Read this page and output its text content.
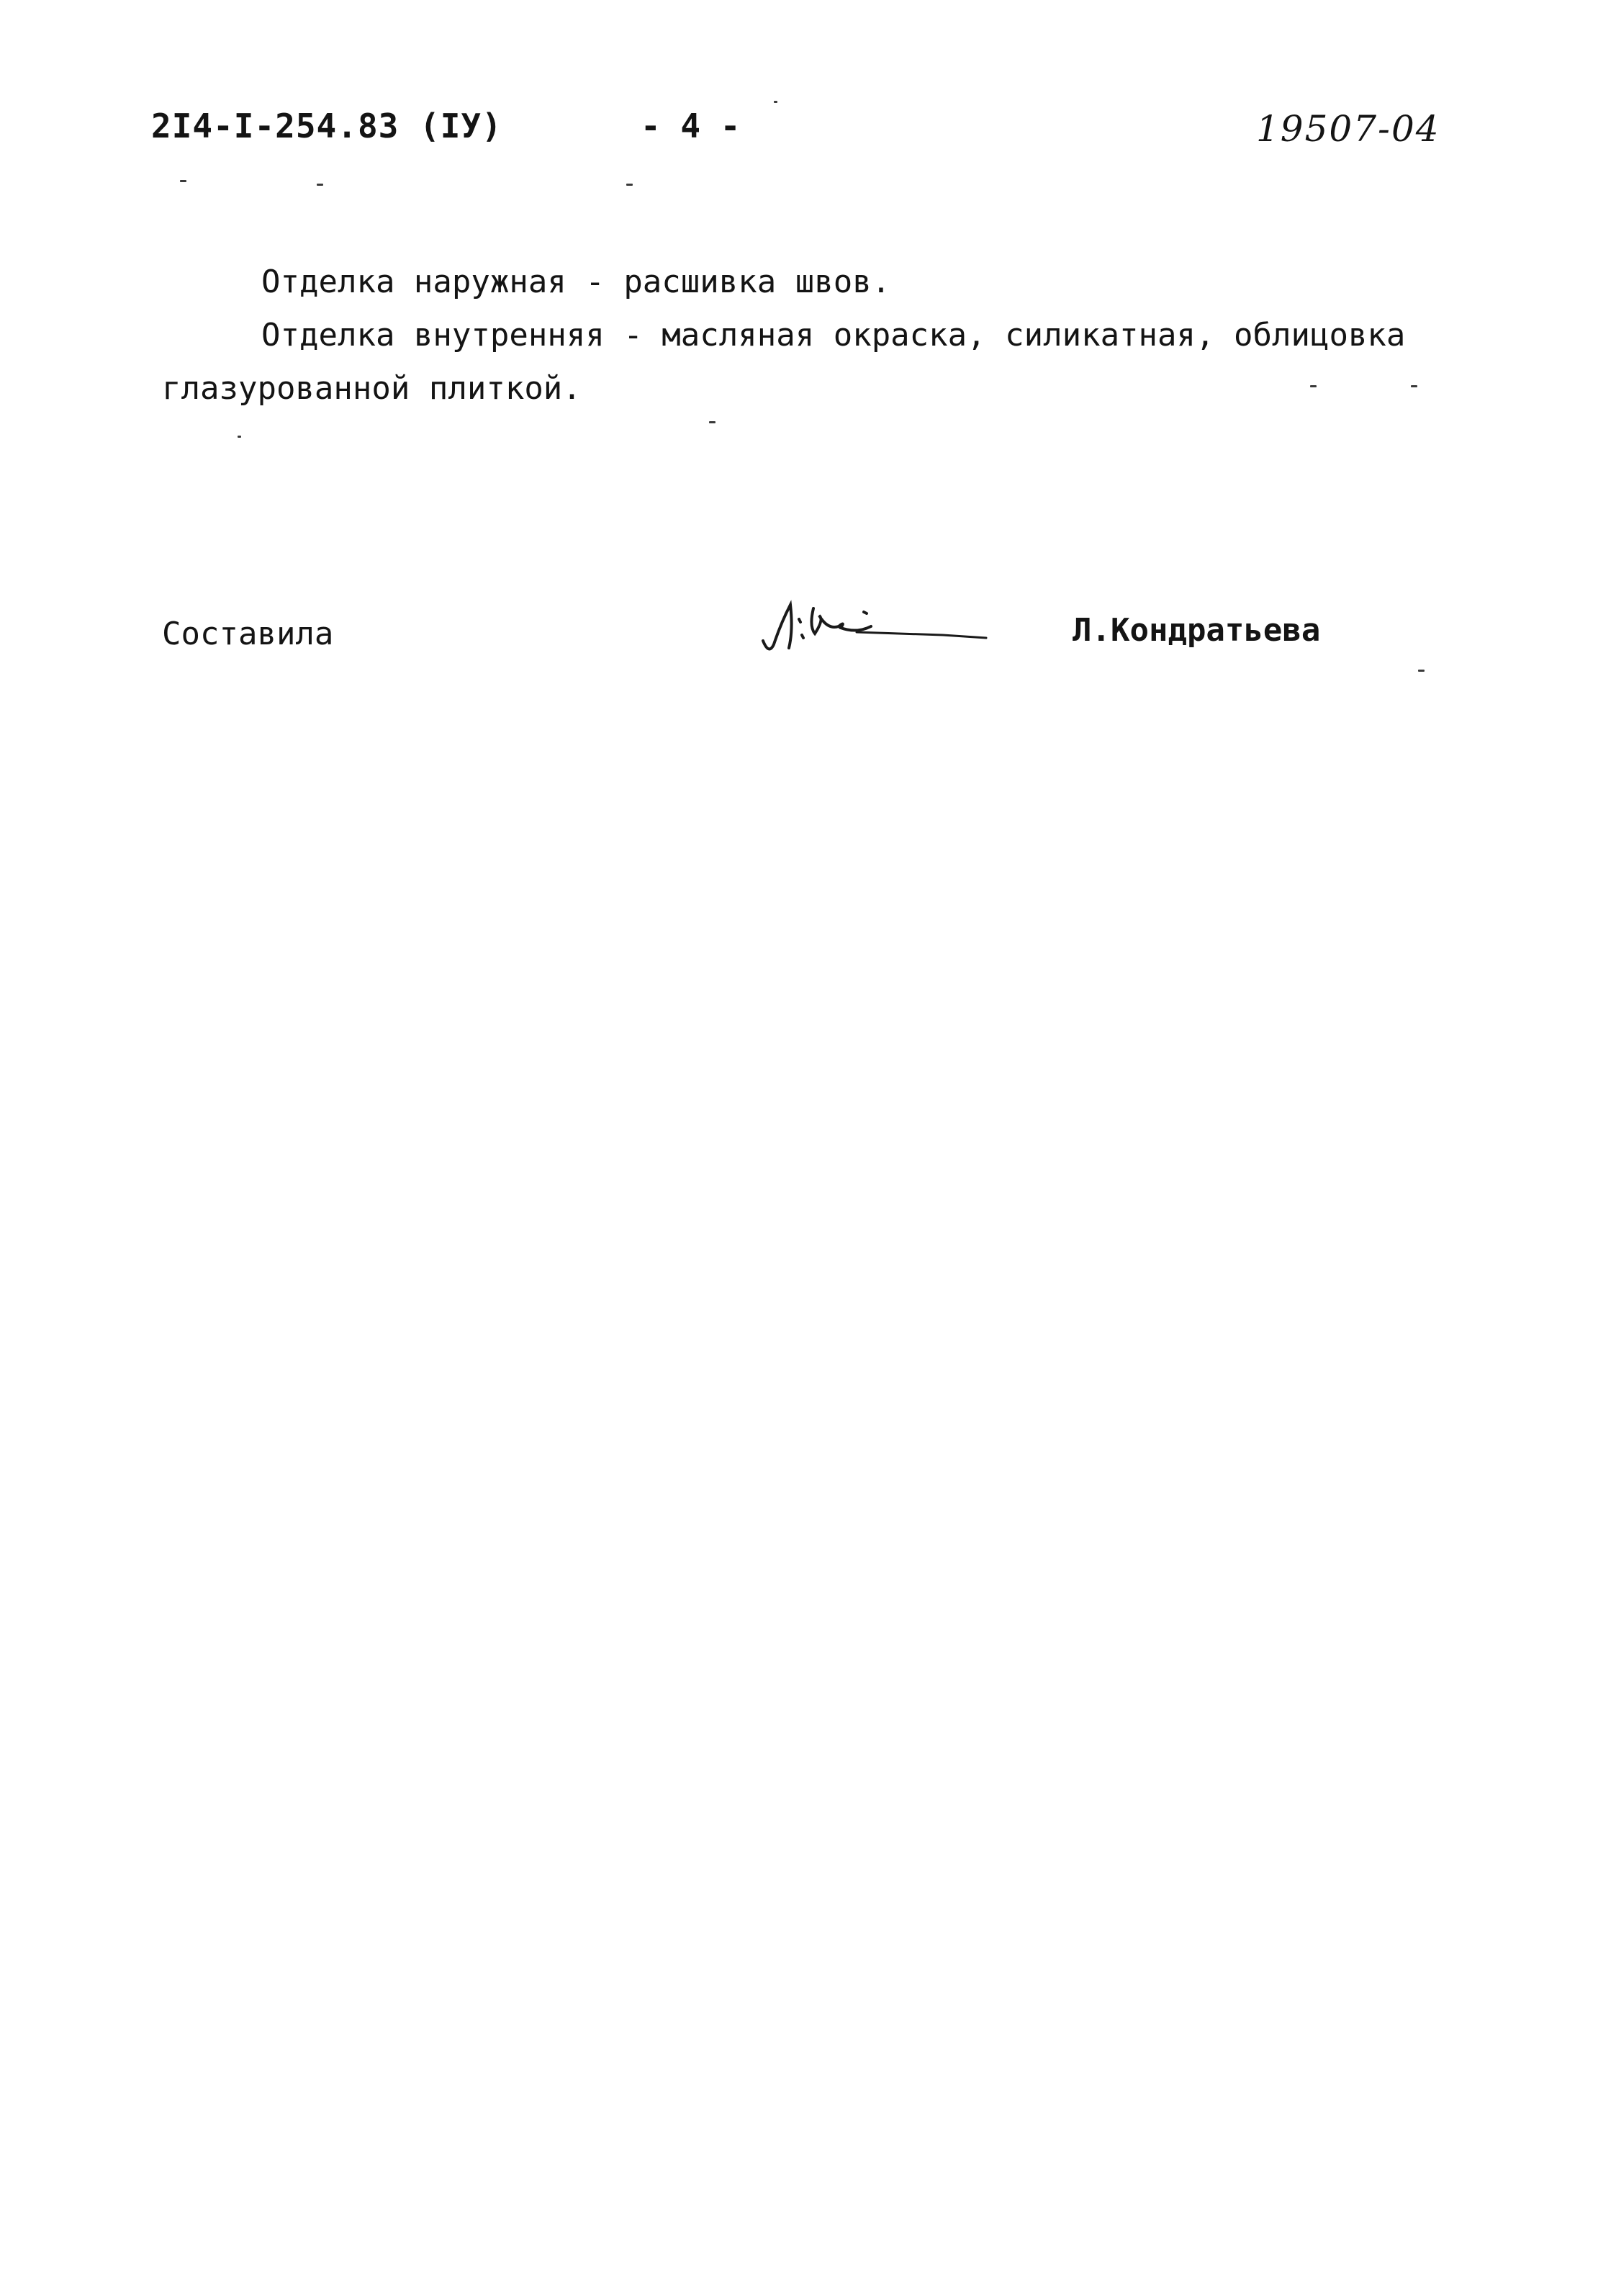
2I4-I-254.83 (IУ)	- 4 -	19507-04

Отделка наружная - расшивка швов.

Отделка внутренняя - масляная окраска, силикатная, облицовка глазурованной плиткой.

Составила	Л.Кондратьева
